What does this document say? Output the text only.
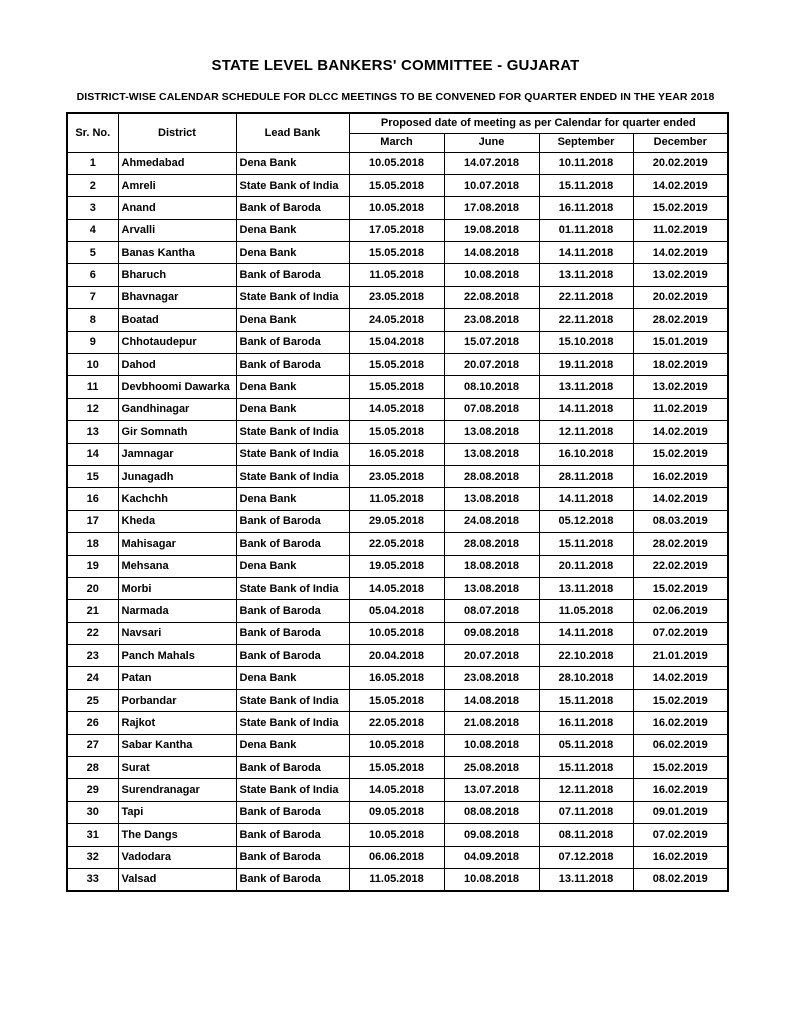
STATE LEVEL BANKERS' COMMITTEE - GUJARAT
DISTRICT-WISE CALENDAR SCHEDULE FOR DLCC MEETINGS TO BE CONVENED FOR QUARTER ENDED IN THE YEAR 2018
Sr. No.	District	Lead Bank	Proposed date of meeting as per Calendar for quarter ended			
			March	June	September	December
1	Ahmedabad	Dena Bank	10.05.2018	14.07.2018	10.11.2018	20.02.2019
2	Amreli	State Bank of India	15.05.2018	10.07.2018	15.11.2018	14.02.2019
3	Anand	Bank of Baroda	10.05.2018	17.08.2018	16.11.2018	15.02.2019
4	Arvalli	Dena Bank	17.05.2018	19.08.2018	01.11.2018	11.02.2019
5	Banas Kantha	Dena Bank	15.05.2018	14.08.2018	14.11.2018	14.02.2019
6	Bharuch	Bank of Baroda	11.05.2018	10.08.2018	13.11.2018	13.02.2019
7	Bhavnagar	State Bank of India	23.05.2018	22.08.2018	22.11.2018	20.02.2019
8	Boatad	Dena Bank	24.05.2018	23.08.2018	22.11.2018	28.02.2019
9	Chhotaudepur	Bank of Baroda	15.04.2018	15.07.2018	15.10.2018	15.01.2019
10	Dahod	Bank of Baroda	15.05.2018	20.07.2018	19.11.2018	18.02.2019
11	Devbhoomi Dawarka	Dena Bank	15.05.2018	08.10.2018	13.11.2018	13.02.2019
12	Gandhinagar	Dena Bank	14.05.2018	07.08.2018	14.11.2018	11.02.2019
13	Gir Somnath	State Bank of India	15.05.2018	13.08.2018	12.11.2018	14.02.2019
14	Jamnagar	State Bank of India	16.05.2018	13.08.2018	16.10.2018	15.02.2019
15	Junagadh	State Bank of India	23.05.2018	28.08.2018	28.11.2018	16.02.2019
16	Kachchh	Dena Bank	11.05.2018	13.08.2018	14.11.2018	14.02.2019
17	Kheda	Bank of Baroda	29.05.2018	24.08.2018	05.12.2018	08.03.2019
18	Mahisagar	Bank of Baroda	22.05.2018	28.08.2018	15.11.2018	28.02.2019
19	Mehsana	Dena Bank	19.05.2018	18.08.2018	20.11.2018	22.02.2019
20	Morbi	State Bank of India	14.05.2018	13.08.2018	13.11.2018	15.02.2019
21	Narmada	Bank of Baroda	05.04.2018	08.07.2018	11.05.2018	02.06.2019
22	Navsari	Bank of Baroda	10.05.2018	09.08.2018	14.11.2018	07.02.2019
23	Panch Mahals	Bank of Baroda	20.04.2018	20.07.2018	22.10.2018	21.01.2019
24	Patan	Dena Bank	16.05.2018	23.08.2018	28.10.2018	14.02.2019
25	Porbandar	State Bank of India	15.05.2018	14.08.2018	15.11.2018	15.02.2019
26	Rajkot	State Bank of India	22.05.2018	21.08.2018	16.11.2018	16.02.2019
27	Sabar Kantha	Dena Bank	10.05.2018	10.08.2018	05.11.2018	06.02.2019
28	Surat	Bank of Baroda	15.05.2018	25.08.2018	15.11.2018	15.02.2019
29	Surendranagar	State Bank of India	14.05.2018	13.07.2018	12.11.2018	16.02.2019
30	Tapi	Bank of Baroda	09.05.2018	08.08.2018	07.11.2018	09.01.2019
31	The Dangs	Bank of Baroda	10.05.2018	09.08.2018	08.11.2018	07.02.2019
32	Vadodara	Bank of Baroda	06.06.2018	04.09.2018	07.12.2018	16.02.2019
33	Valsad	Bank of Baroda	11.05.2018	10.08.2018	13.11.2018	08.02.2019
